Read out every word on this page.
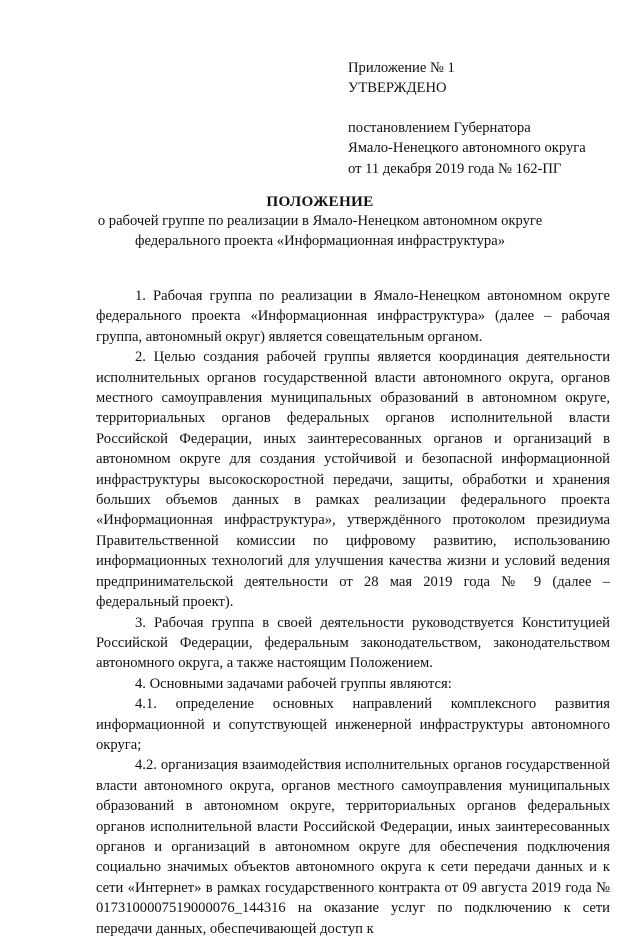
Приложение № 1
УТВЕРЖДЕНО
постановлением Губернатора
Ямало-Ненецкого автономного округа
от 11 декабря 2019 года № 162-ПГ
ПОЛОЖЕНИЕ
о рабочей группе по реализации в Ямало-Ненецком автономном округе
федерального проекта «Информационная инфраструктура»

1. Рабочая группа по реализации в Ямало-Ненецком автономном округе федерального проекта «Информационная инфраструктура» (далее – рабочая группа, автономный округ) является совещательным органом.

2. Целью создания рабочей группы является координация деятельности исполнительных органов государственной власти автономного округа, органов местного самоуправления муниципальных образований в автономном округе, территориальных органов федеральных органов исполнительной власти Российской Федерации, иных заинтересованных органов и организаций в автономном округе для создания устойчивой и безопасной информационной инфраструктуры высокоскоростной передачи, защиты, обработки и хранения больших объемов данных в рамках реализации федерального проекта «Информационная инфраструктура», утверждённого протоколом президиума Правительственной комиссии по цифровому развитию, использованию информационных технологий для улучшения качества жизни и условий ведения предпринимательской деятельности от 28 мая 2019 года № 9 (далее – федеральный проект).

3. Рабочая группа в своей деятельности руководствуется Конституцией Российской Федерации, федеральным законодательством, законодательством автономного округа, а также настоящим Положением.

4. Основными задачами рабочей группы являются:

4.1. определение основных направлений комплексного развития информационной и сопутствующей инженерной инфраструктуры автономного округа;

4.2. организация взаимодействия исполнительных органов государственной власти автономного округа, органов местного самоуправления муниципальных образований в автономном округе, территориальных органов федеральных органов исполнительной власти Российской Федерации, иных заинтересованных органов и организаций в автономном округе для обеспечения подключения социально значимых объектов автономного округа к сети передачи данных и к сети «Интернет» в рамках государственного контракта от 09 августа 2019 года № 0173100007519000076_144316 на оказание услуг по подключению к сети передачи данных, обеспечивающей доступ к
